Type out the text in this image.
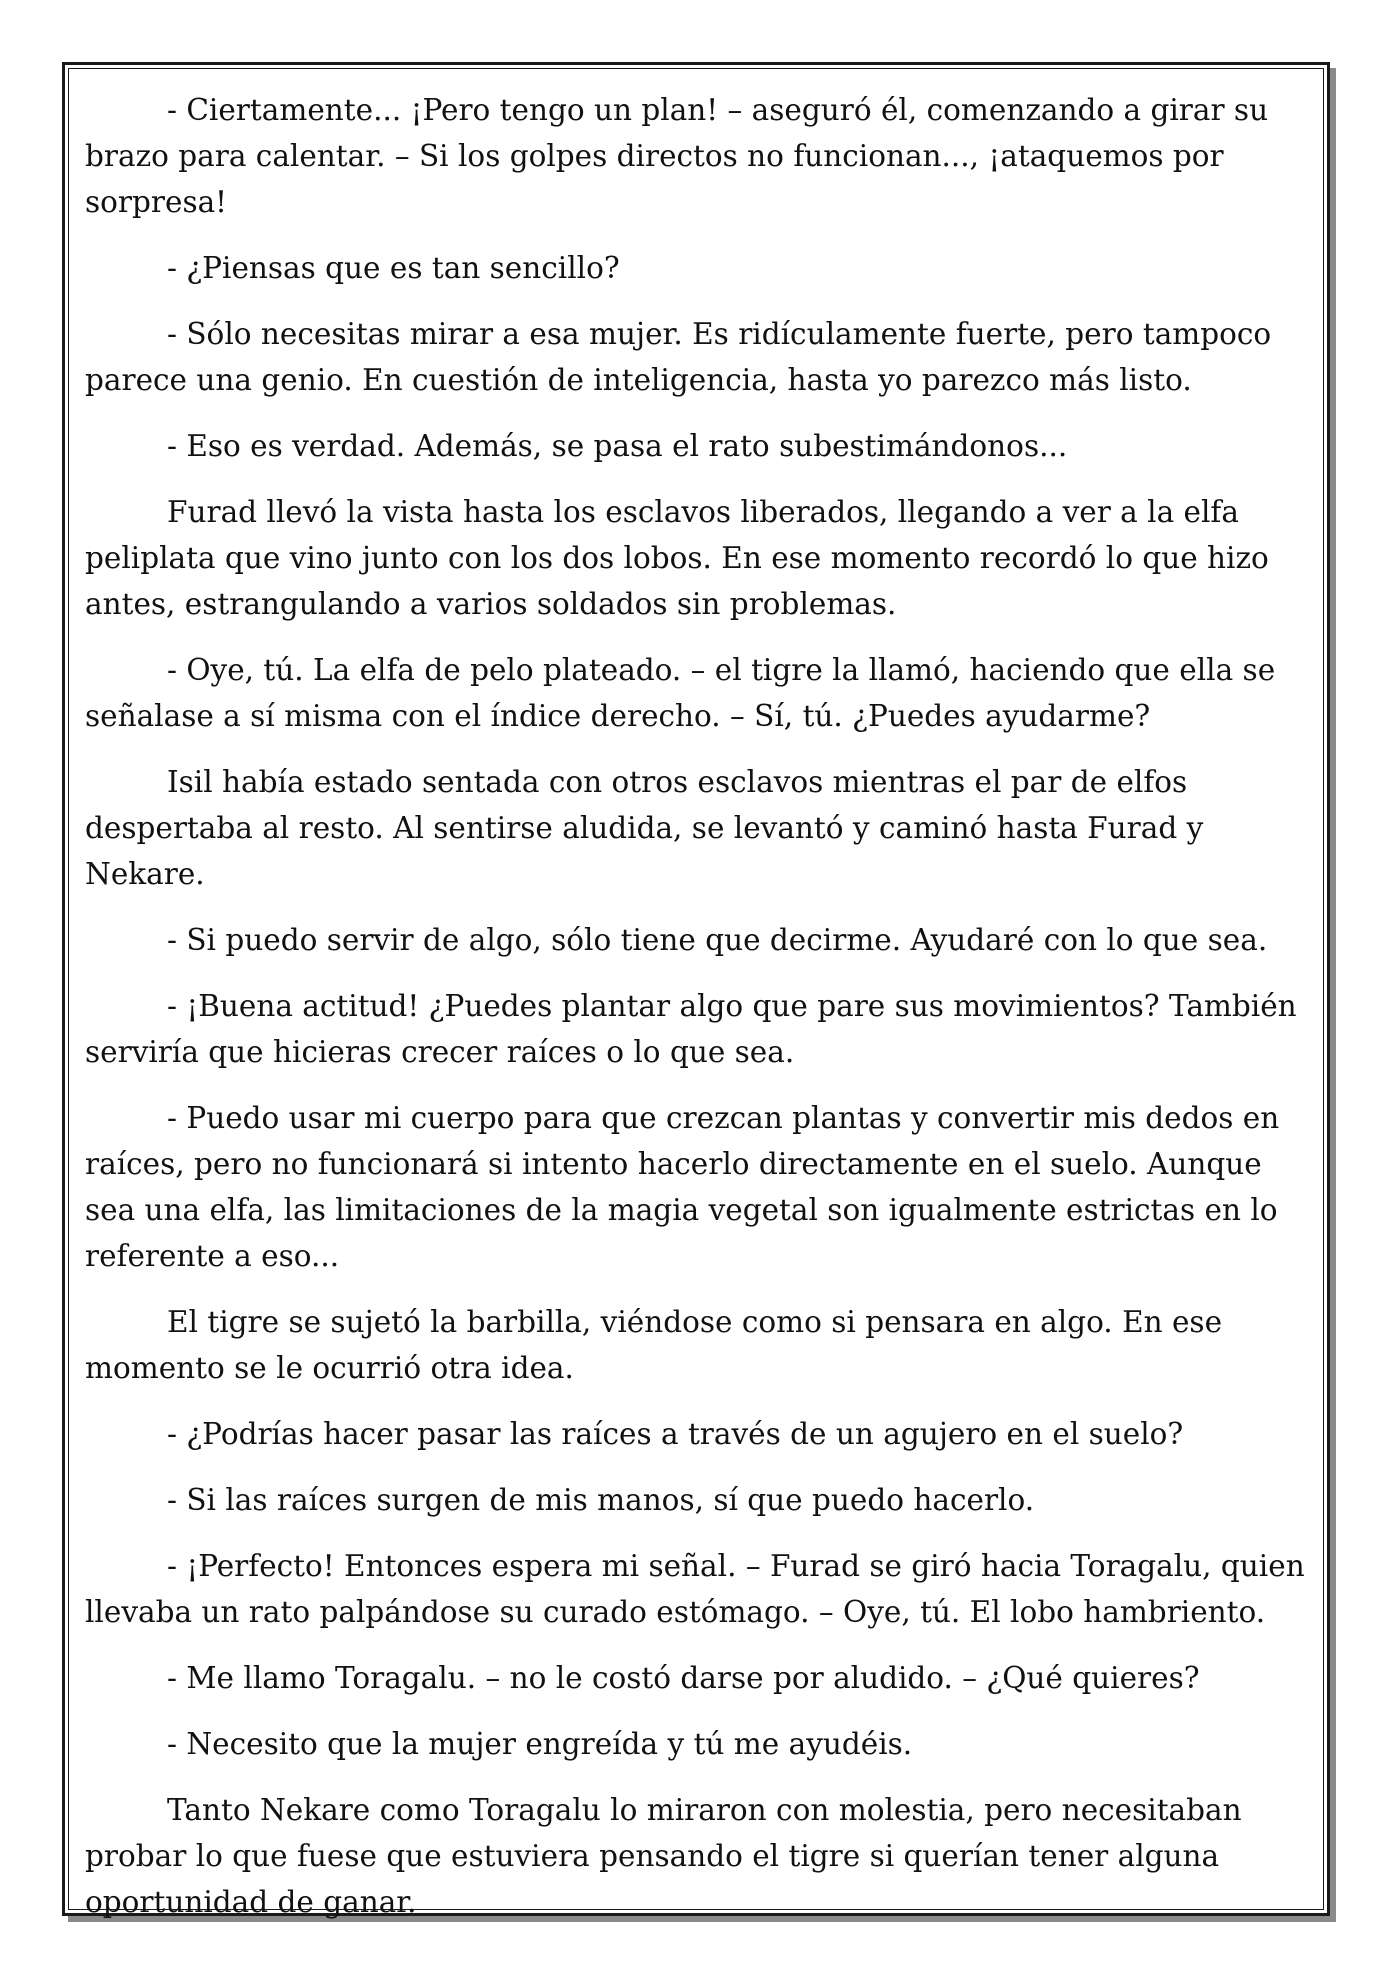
- Ciertamente... ¡Pero tengo un plan! – aseguró él, comenzando a girar su brazo para calentar. – Si los golpes directos no funcionan..., ¡ataquemos por sorpresa!

- ¿Piensas que es tan sencillo?

- Sólo necesitas mirar a esa mujer. Es ridículamente fuerte, pero tampoco parece una genio. En cuestión de inteligencia, hasta yo parezco más listo.

- Eso es verdad. Además, se pasa el rato subestimándonos...

Furad llevó la vista hasta los esclavos liberados, llegando a ver a la elfa peliplata que vino junto con los dos lobos. En ese momento recordó lo que hizo antes, estrangulando a varios soldados sin problemas.

- Oye, tú. La elfa de pelo plateado. – el tigre la llamó, haciendo que ella se señalase a sí misma con el índice derecho. – Sí, tú. ¿Puedes ayudarme?

Isil había estado sentada con otros esclavos mientras el par de elfos despertaba al resto. Al sentirse aludida, se levantó y caminó hasta Furad y Nekare.

- Si puedo servir de algo, sólo tiene que decirme. Ayudaré con lo que sea.

- ¡Buena actitud! ¿Puedes plantar algo que pare sus movimientos? También serviría que hicieras crecer raíces o lo que sea.

- Puedo usar mi cuerpo para que crezcan plantas y convertir mis dedos en raíces, pero no funcionará si intento hacerlo directamente en el suelo. Aunque sea una elfa, las limitaciones de la magia vegetal son igualmente estrictas en lo referente a eso...

El tigre se sujetó la barbilla, viéndose como si pensara en algo. En ese momento se le ocurrió otra idea.

- ¿Podrías hacer pasar las raíces a través de un agujero en el suelo?

- Si las raíces surgen de mis manos, sí que puedo hacerlo.

- ¡Perfecto! Entonces espera mi señal. – Furad se giró hacia Toragalu, quien llevaba un rato palpándose su curado estómago. – Oye, tú. El lobo hambriento.

- Me llamo Toragalu. – no le costó darse por aludido. – ¿Qué quieres?

- Necesito que la mujer engreída y tú me ayudéis.

Tanto Nekare como Toragalu lo miraron con molestia, pero necesitaban probar lo que fuese que estuviera pensando el tigre si querían tener alguna oportunidad de ganar.
